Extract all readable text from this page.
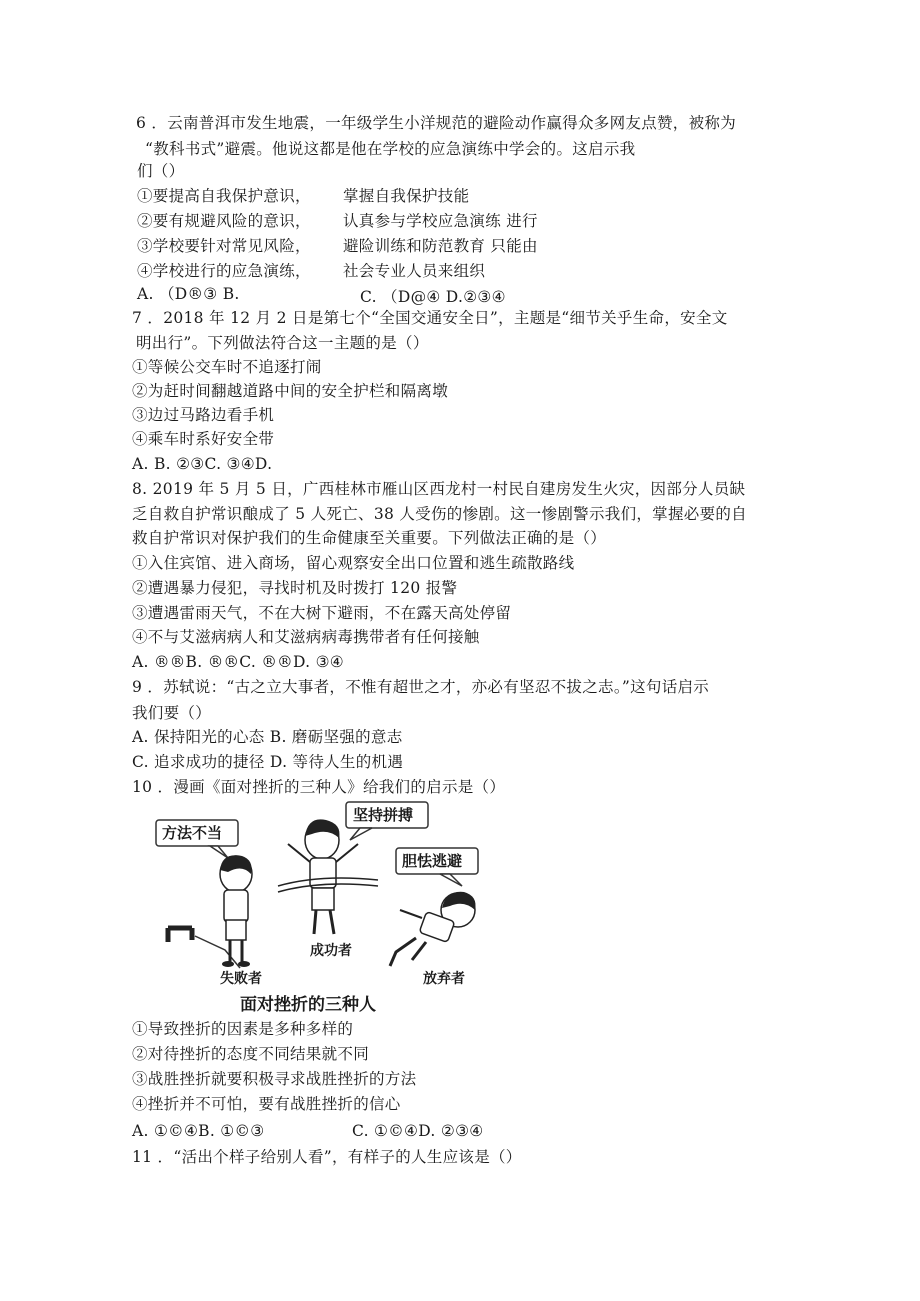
6 ．云南普洱市发生地震，一年级学生小洋规范的避险动作赢得众多网友点赞，被称为
“教科书式”避震。他说这都是他在学校的应急演练中学会的。这启示我
们（）
①要提高自我保护意识， 掌握自我保护技能
②要有规避风险的意识， 认真参与学校应急演练 进行
③学校要针对常见风险， 避险训练和防范教育 只能由
④学校进行的应急演练， 社会专业人员来组织
A. （D®③ B.	C. （D@④ D.②③④
7 ．2018 年 12 月 2 日是第七个“全国交通安全日”，主题是“细节关乎生命，安全文
明出行”。下列做法符合这一主题的是（）
①等候公交车时不追逐打闹
②为赶时间翻越道路中间的安全护栏和隔离墩
③边过马路边看手机
④乘车时系好安全带
A. B. ②③C. ③④D.
8. 2019 年 5 月 5 日，广西桂林市雁山区西龙村一村民自建房发生火灾，因部分人员缺
乏自救自护常识酿成了 5 人死亡、38 人受伤的惨剧。这一惨剧警示我们，掌握必要的自
救自护常识对保护我们的生命健康至关重要。下列做法正确的是（）
①入住宾馆、进入商场，留心观察安全出口位置和逃生疏散路线
②遭遇暴力侵犯，寻找时机及时拨打 120 报警
③遭遇雷雨天气，不在大树下避雨，不在露天高处停留
④不与艾滋病病人和艾滋病病毒携带者有任何接触
A. ®®B. ®®C. ®®D. ③④
9 ．苏轼说：“古之立大事者，不惟有超世之才，亦必有坚忍不拔之志。”这句话启示
我们要（）
A. 保持阳光的心态 B. 磨砺坚强的意志
C. 追求成功的捷径 D. 等待人生的机遇
10 ．漫画《面对挫折的三种人》给我们的启示是（）
方法不当
坚持拼搏
胆怯逃避
成功者
失败者	放弃者
面对挫折的三种人
①导致挫折的因素是多种多样的
②对待挫折的态度不同结果就不同
③战胜挫折就要积极寻求战胜挫折的方法
④挫折并不可怕，要有战胜挫折的信心
A. ①©④B. ①©③	C. ①©④D. ②③④
11 ．“活出个样子给别人看”，有样子的人生应该是（）
